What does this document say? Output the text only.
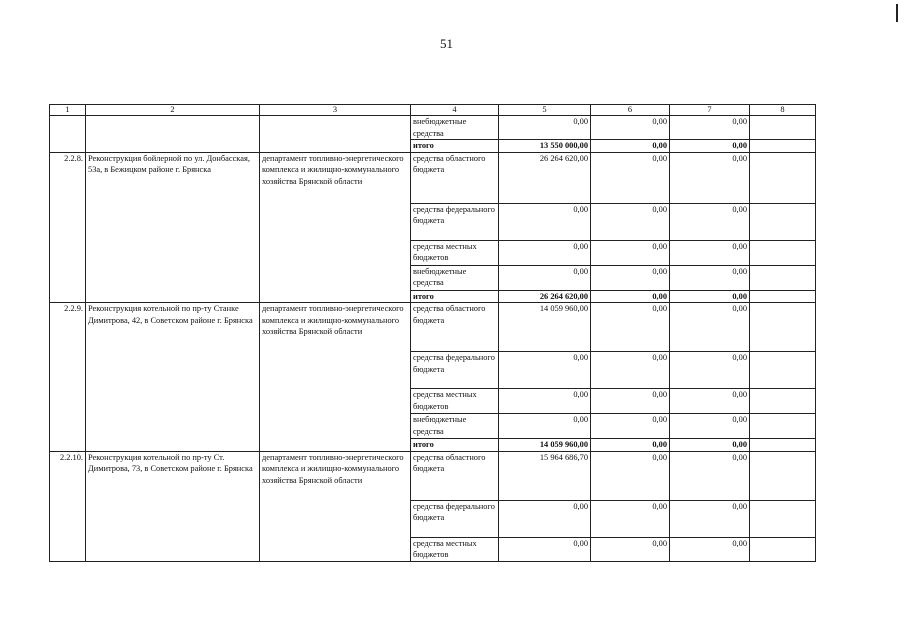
51
1	2	3	4	5	6	7	8
			внебюджетные средства	0,00	0,00	0,00	
			итого	13 550 000,00	0,00	0,00	
2.2.8.	Реконструкция бойлерной по ул. Донбасская, 53а, в Бежицком районе г. Брянска	департамент топливно-энергетического комплекса и жилищно-коммунального хозяйства Брянской области	средства областного бюджета	26 264 620,00	0,00	0,00	
			средства федерального бюджета	0,00	0,00	0,00	
			средства местных бюджетов	0,00	0,00	0,00	
			внебюджетные средства	0,00	0,00	0,00	
			итого	26 264 620,00	0,00	0,00	
2.2.9.	Реконструкция котельной по пр-ту Станке Димитрова, 42, в Советском районе г. Брянска	департамент топливно-энергетического комплекса и жилищно-коммунального хозяйства Брянской области	средства областного бюджета	14 059 960,00	0,00	0,00	
			средства федерального бюджета	0,00	0,00	0,00	
			средства местных бюджетов	0,00	0,00	0,00	
			внебюджетные средства	0,00	0,00	0,00	
			итого	14 059 960,00	0,00	0,00	
2.2.10.	Реконструкция котельной по пр-ту Ст. Димитрова, 73, в Советском районе г. Брянска	департамент топливно-энергетического комплекса и жилищно-коммунального хозяйства Брянской области	средства областного бюджета	15 964 686,70	0,00	0,00	
			средства федерального бюджета	0,00	0,00	0,00	
			средства местных бюджетов	0,00	0,00	0,00	
